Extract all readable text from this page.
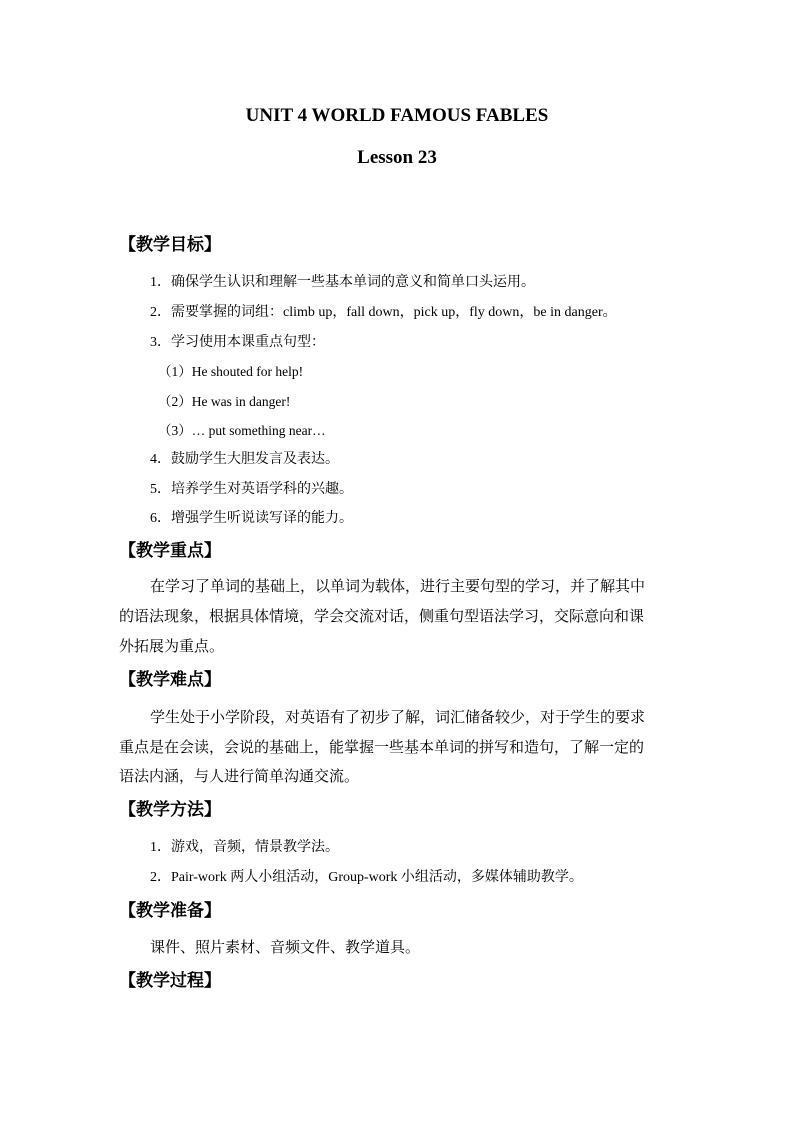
UNIT 4 WORLD FAMOUS FABLES
Lesson 23
【教学目标】
1．确保学生认识和理解一些基本单词的意义和简单口头运用。
2．需要掌握的词组：climb up，fall down，pick up，fly down，be in danger。
3．学习使用本课重点句型：
（1）He shouted for help!
（2）He was in danger!
（3）… put something near…
4．鼓励学生大胆发言及表达。
5．培养学生对英语学科的兴趣。
6．增强学生听说读写译的能力。
【教学重点】
在学习了单词的基础上，以单词为载体，进行主要句型的学习，并了解其中
的语法现象，根据具体情境，学会交流对话，侧重句型语法学习，交际意向和课
外拓展为重点。
【教学难点】
学生处于小学阶段，对英语有了初步了解，词汇储备较少，对于学生的要求
重点是在会读，会说的基础上，能掌握一些基本单词的拼写和造句，了解一定的
语法内涵，与人进行简单沟通交流。
【教学方法】
1．游戏，音频，情景教学法。
2．Pair-work 两人小组活动，Group-work 小组活动，多媒体辅助教学。
【教学准备】
课件、照片素材、音频文件、教学道具。
【教学过程】
